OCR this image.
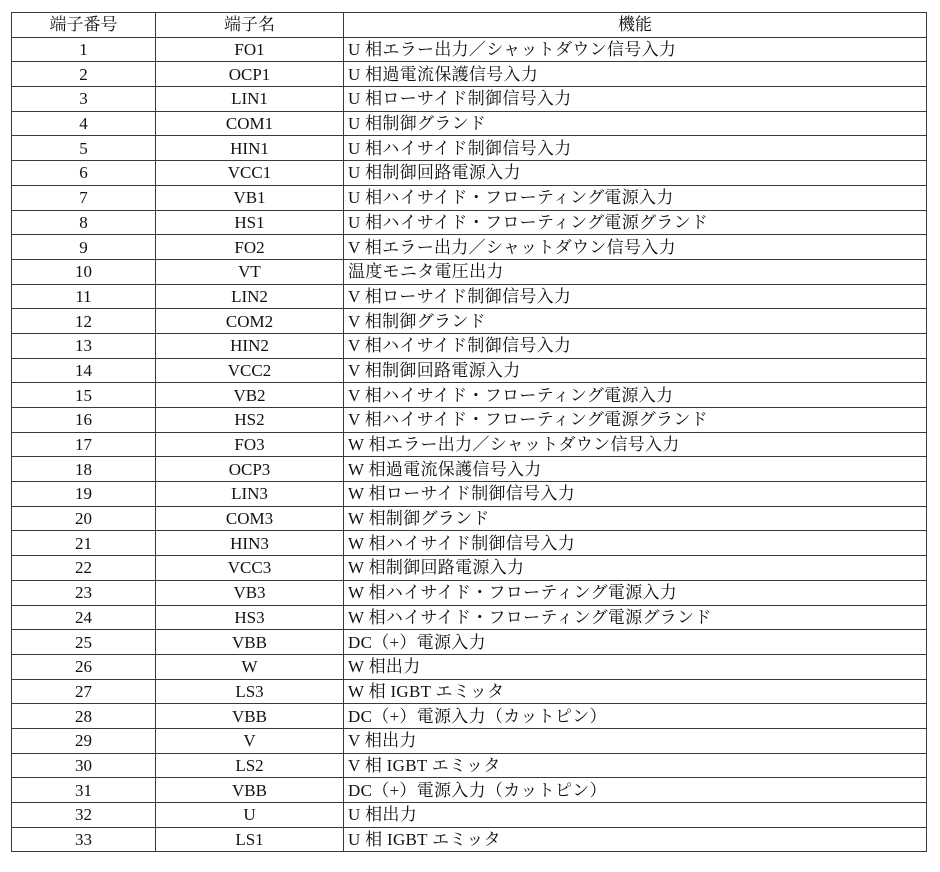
端子番号	端子名	機能
1	FO1	U 相エラー出力／シャットダウン信号入力
2	OCP1	U 相過電流保護信号入力
3	LIN1	U 相ローサイド制御信号入力
4	COM1	U 相制御グランド
5	HIN1	U 相ハイサイド制御信号入力
6	VCC1	U 相制御回路電源入力
7	VB1	U 相ハイサイド・フローティング電源入力
8	HS1	U 相ハイサイド・フローティング電源グランド
9	FO2	V 相エラー出力／シャットダウン信号入力
10	VT	温度モニタ電圧出力
11	LIN2	V 相ローサイド制御信号入力
12	COM2	V 相制御グランド
13	HIN2	V 相ハイサイド制御信号入力
14	VCC2	V 相制御回路電源入力
15	VB2	V 相ハイサイド・フローティング電源入力
16	HS2	V 相ハイサイド・フローティング電源グランド
17	FO3	W 相エラー出力／シャットダウン信号入力
18	OCP3	W 相過電流保護信号入力
19	LIN3	W 相ローサイド制御信号入力
20	COM3	W 相制御グランド
21	HIN3	W 相ハイサイド制御信号入力
22	VCC3	W 相制御回路電源入力
23	VB3	W 相ハイサイド・フローティング電源入力
24	HS3	W 相ハイサイド・フローティング電源グランド
25	VBB	DC（+）電源入力
26	W	W 相出力
27	LS3	W 相 IGBT エミッタ
28	VBB	DC（+）電源入力（カットピン）
29	V	V 相出力
30	LS2	V 相 IGBT エミッタ
31	VBB	DC（+）電源入力（カットピン）
32	U	U 相出力
33	LS1	U 相 IGBT エミッタ
